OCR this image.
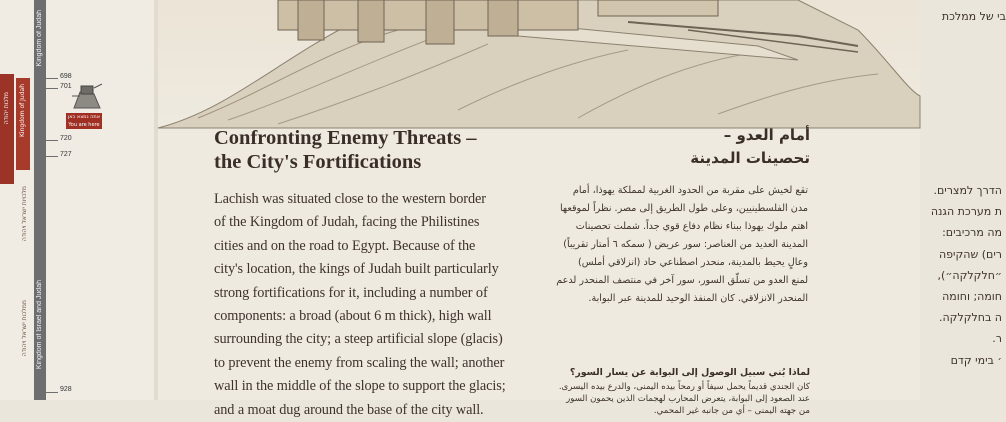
מלכות יהודה Kingdom of Judah
מלכויות ישראל ויהודה
ממלכות ישראל ויהודה
Kingdom of Judah
Kingdom of Israel and Judah
698
701
720
727
928
אתה נמצא כאן
You are here
Confronting Enemy Threats –
the City's Fortifications
Lachish was situated close to the western border
of the Kingdom of Judah, facing the Philistines
cities and on the road to Egypt. Because of the
city's location, the kings of Judah built particularly
strong fortifications for it, including a number of
components: a broad (about 6 m thick), high wall
surrounding the city; a steep artificial slope (glacis)
to prevent the enemy from scaling the wall; another
wall in the middle of the slope to support the glacis;
and a moat dug around the base of the city wall.
أمام العدو –
تحصينات المدينة
تقع لخيش على مقربة من الحدود الغربية لمملكة يهوذا، أمام
مدن الفلسطينيين، وعلى طول الطريق إلى مصر. نظراً لموقعها
اهتم ملوك يهوذا ببناء نظام دفاع قوي جداً. شملت تحصينات
المدينة العديد من العناصر: سور عريض ( سمكه ٦ أمتار تقريباً)
وعالٍ يحيط بالمدينة، منحدر اصطناعي حاد (انزلاقي أملس)
لمنع العدو من تسلّق السور، سور آخر في منتصف المنحدر لدعم
المنحدر الانزلاقي. كان المنفذ الوحيد للمدينة عبر البوابة.
لماذا بُني سبيل الوصول إلى البوابة عن يسار السور؟
كان الجندي قديماً يحمل سيفاً أو رمحاً بيده اليمنى، والدرع بيده اليسرى.
عند الصعود إلى البوابة، يتعرض المحارب لهجمات الذين يحمون السور
من جهته اليمنى – أي من جانبه غير المحمي.
בי של ממלכת
הדרך למצרים.
ת מערכת הגנה
מה מרכיבים:
רים) שהקיפה
״חלקלקה״),
חומה; וחומה
ה בחלקלקה.
ר.
׳ בימי קדם
